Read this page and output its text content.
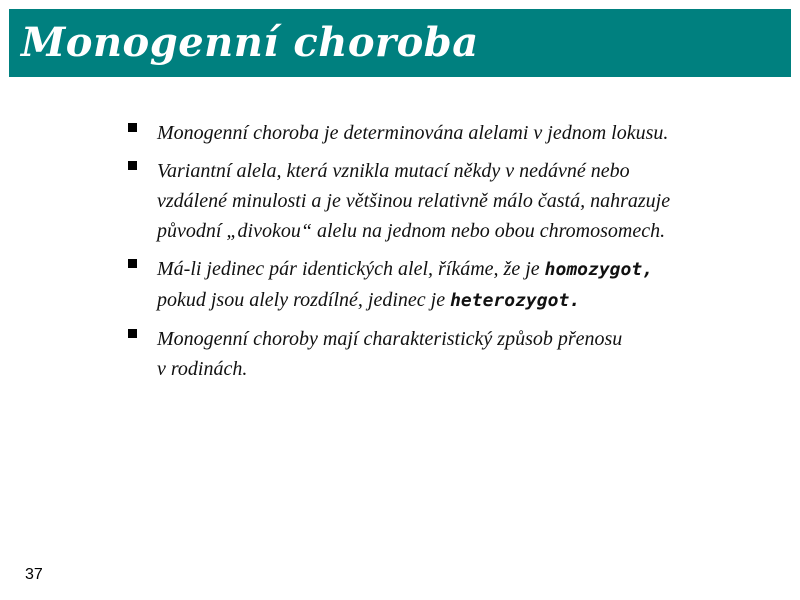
Monogenní choroba
Monogenní choroba je determinována alelami v jednom lokusu.
Variantní alela, která vznikla mutací někdy v nedávné nebo
vzdálené minulosti a je většinou relativně málo častá, nahrazuje
původní „divokou“ alelu na jednom nebo obou chromosomech.
Má-li jedinec pár identických alel, říkáme, že je homozygot,
pokud jsou alely rozdílné, jedinec je heterozygot.
Monogenní choroby mají charakteristický způsob přenosu
v rodinách.
37
